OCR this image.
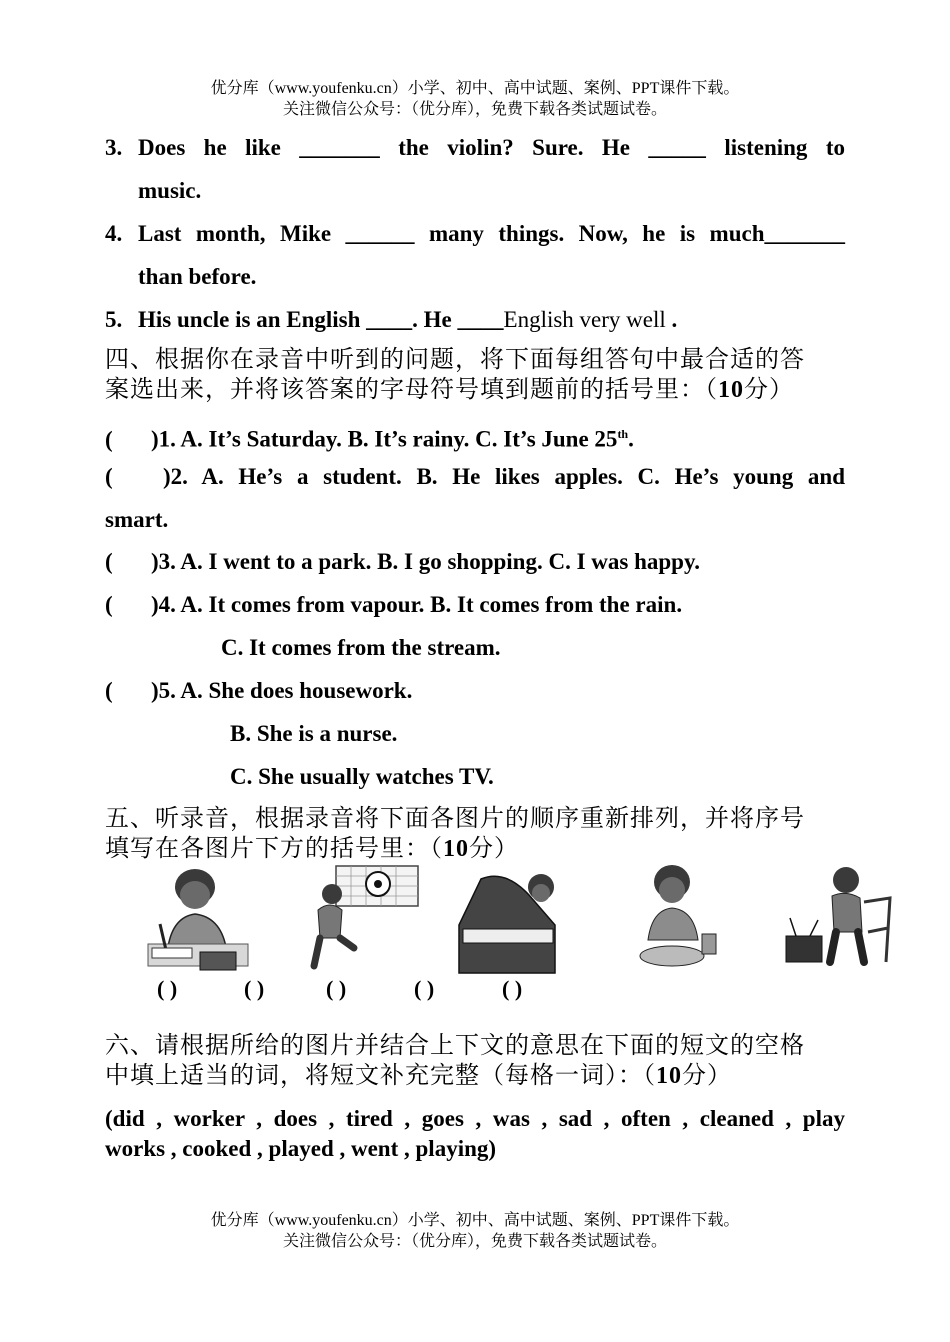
优分库（www.youfenku.cn）小学、初中、高中试题、案例、PPT课件下载。
关注微信公众号：（优分库），免费下载各类试题试卷。
3. Does he like _______ the violin? Sure. He _____ listening to
music.
4. Last month, Mike ______ many things. Now, he is much_______
than before.
5. His uncle is an English ____. He ____English very well .
四、根据你在录音中听到的问题，将下面每组答句中最合适的答
案选出来，并将该答案的字母符号填到题前的括号里：（10分）
( )1. A. It’s Saturday. B. It’s rainy. C. It’s June 25th.
( )2. A. He’s a student. B. He likes apples. C. He’s young and
smart.
( )3. A. I went to a park. B. I go shopping. C. I was happy.
( )4. A. It comes from vapour. B. It comes from the rain.
C. It comes from the stream.
( )5. A. She does housework.
B. She is a nurse.
C. She usually watches TV.
五、听录音，根据录音将下面各图片的顺序重新排列，并将序号
填写在各图片下方的括号里：（10分）
( )	( )	( )	( )	( )
六、请根据所给的图片并结合上下文的意思在下面的短文的空格
中填上适当的词，将短文补充完整（每格一词）：（10分）
(did , worker , does , tired , goes , was , sad , often , cleaned , play
works , cooked , played , went , playing)
优分库（www.youfenku.cn）小学、初中、高中试题、案例、PPT课件下载。
关注微信公众号：（优分库），免费下载各类试题试卷。
